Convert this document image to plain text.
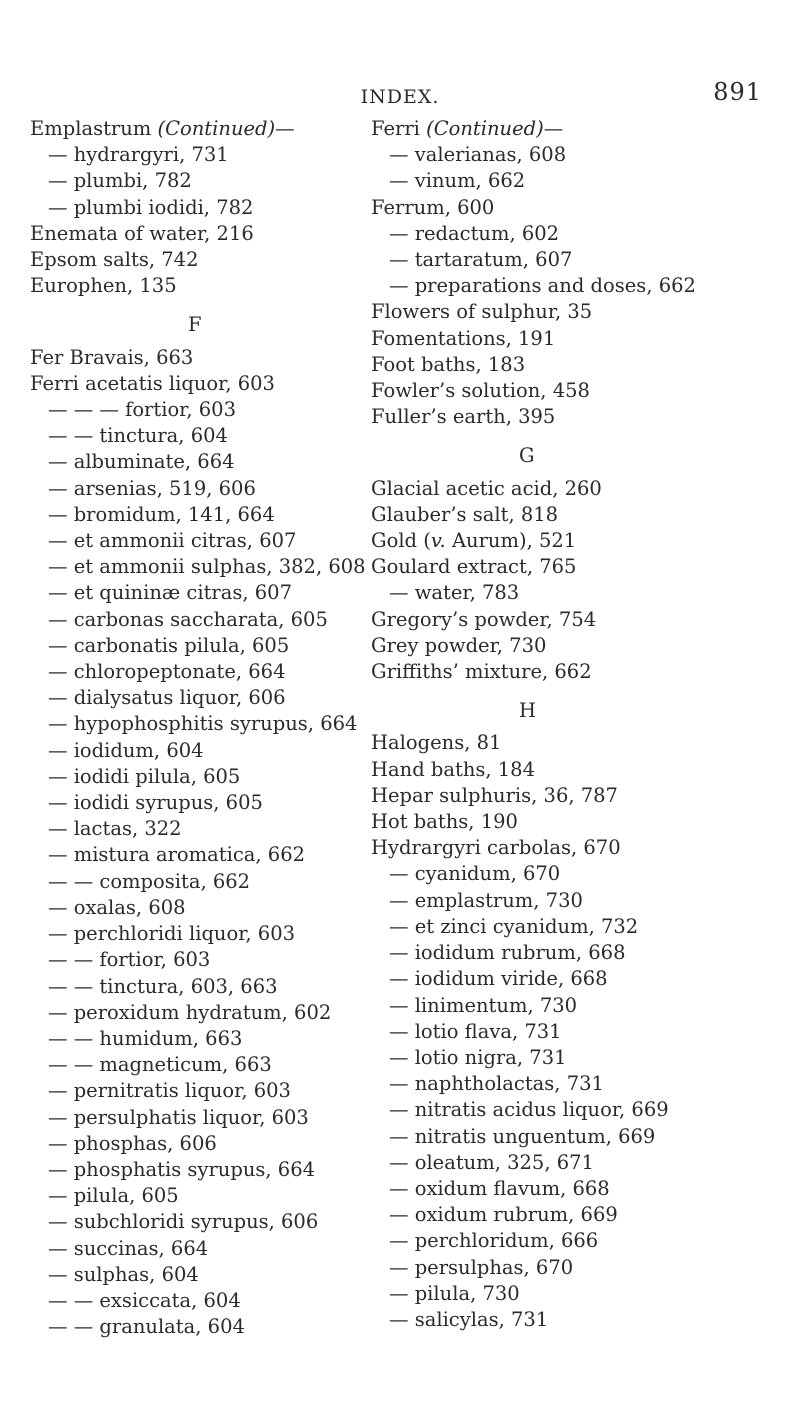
INDEX.	891
Emplastrum (Continued)—
— hydrargyri, 731
— plumbi, 782
— plumbi iodidi, 782
Enemata of water, 216
Epsom salts, 742
Europhen, 135
F
Fer Bravais, 663
Ferri acetatis liquor, 603
— — — fortior, 603
— — tinctura, 604
— albuminate, 664
— arsenias, 519, 606
— bromidum, 141, 664
— et ammonii citras, 607
— et ammonii sulphas, 382, 608
— et quininæ citras, 607
— carbonas saccharata, 605
— carbonatis pilula, 605
— chloropeptonate, 664
— dialysatus liquor, 606
— hypophosphitis syrupus, 664
— iodidum, 604
— iodidi pilula, 605
— iodidi syrupus, 605
— lactas, 322
— mistura aromatica, 662
— — composita, 662
— oxalas, 608
— perchloridi liquor, 603
— — fortior, 603
— — tinctura, 603, 663
— peroxidum hydratum, 602
— — humidum, 663
— — magneticum, 663
— pernitratis liquor, 603
— persulphatis liquor, 603
— phosphas, 606
— phosphatis syrupus, 664
— pilula, 605
— subchloridi syrupus, 606
— succinas, 664
— sulphas, 604
— — exsiccata, 604
— — granulata, 604
Ferri (Continued)—
— valerianas, 608
— vinum, 662
Ferrum, 600
— redactum, 602
— tartaratum, 607
— preparations and doses, 662
Flowers of sulphur, 35
Fomentations, 191
Foot baths, 183
Fowler’s solution, 458
Fuller’s earth, 395
G
Glacial acetic acid, 260
Glauber’s salt, 818
Gold (v. Aurum), 521
Goulard extract, 765
— water, 783
Gregory’s powder, 754
Grey powder, 730
Griffiths’ mixture, 662
H
Halogens, 81
Hand baths, 184
Hepar sulphuris, 36, 787
Hot baths, 190
Hydrargyri carbolas, 670
— cyanidum, 670
— emplastrum, 730
— et zinci cyanidum, 732
— iodidum rubrum, 668
— iodidum viride, 668
— linimentum, 730
— lotio flava, 731
— lotio nigra, 731
— naphtholactas, 731
— nitratis acidus liquor, 669
— nitratis unguentum, 669
— oleatum, 325, 671
— oxidum flavum, 668
— oxidum rubrum, 669
— perchloridum, 666
— persulphas, 670
— pilula, 730
— salicylas, 731
